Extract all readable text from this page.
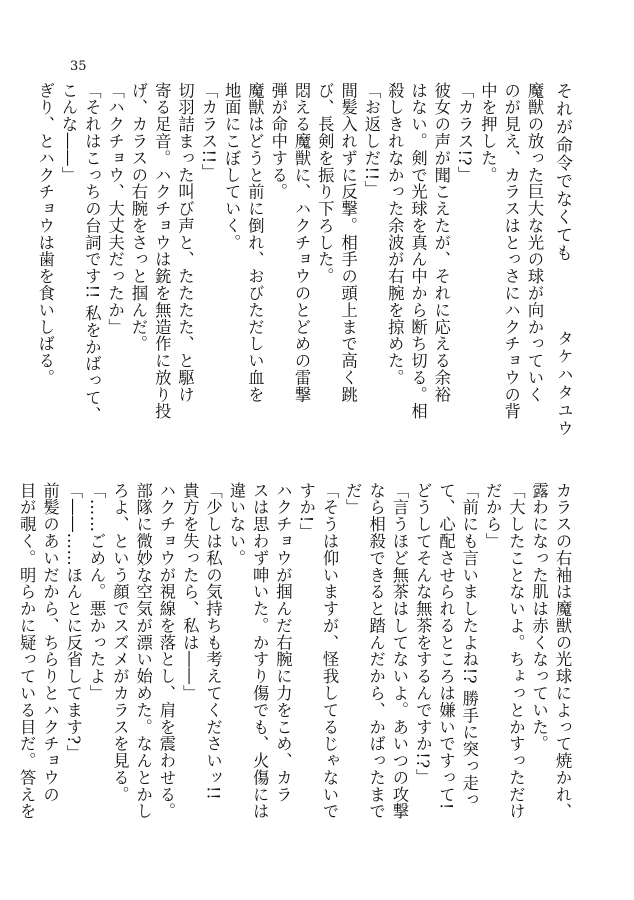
35
それが命令でなくても
タケハタユウ
魔獣の放った巨大な光の球が向かっていく
のが見え、カラスはとっさにハクチョウの背
中を押した。
「カラス!?」
彼女の声が聞こえたが、それに応える余裕
はない。剣で光球を真ん中から断ち切る。相
殺しきれなかった余波が右腕を掠めた。
「お返しだ!!」
間髪入れずに反撃。相手の頭上まで高く跳
び、長剣を振り下ろした。
悶える魔獣に、ハクチョウのとどめの雷撃
弾が命中する。
魔獣はどうと前に倒れ、おびただしい血を
地面にこぼしていく。
「カラス!!」
切羽詰まった叫び声と、たたたた、と駆け
寄る足音。ハクチョウは銃を無造作に放り投
げ、カラスの右腕をさっと掴んだ。
「ハクチョウ、大丈夫だったか」
「それはこっちの台詞です!! 私をかばって、
こんな――」
ぎり、とハクチョウは歯を食いしばる。
カラスの右袖は魔獣の光球によって焼かれ、
露わになった肌は赤くなっていた。
「大したことないよ。ちょっとかすっただけ
だから」
「前にも言いましたよね!? 勝手に突っ走っ
て、心配させられるところは嫌いですって!
どうしてそんな無茶をするんですか!?」
「言うほど無茶はしてないよ。あいつの攻撃
なら相殺できると踏んだから、かばったまで
だ」
「そうは仰いますが、怪我してるじゃないで
すか!」
ハクチョウが掴んだ右腕に力をこめ、カラ
スは思わず呻いた。かすり傷でも、火傷には
違いない。
「少しは私の気持ちも考えてくださいッ!!
貴方を失ったら、私は――」
ハクチョウが視線を落とし、肩を震わせる。
部隊に微妙な空気が漂い始めた。なんとかし
ろよ、という顔でスズメがカラスを見る。
「……ごめん。悪かったよ」
「――……ほんとに反省してます?」
前髪のあいだから、ちらりとハクチョウの
目が覗く。明らかに疑っている目だ。答えを
